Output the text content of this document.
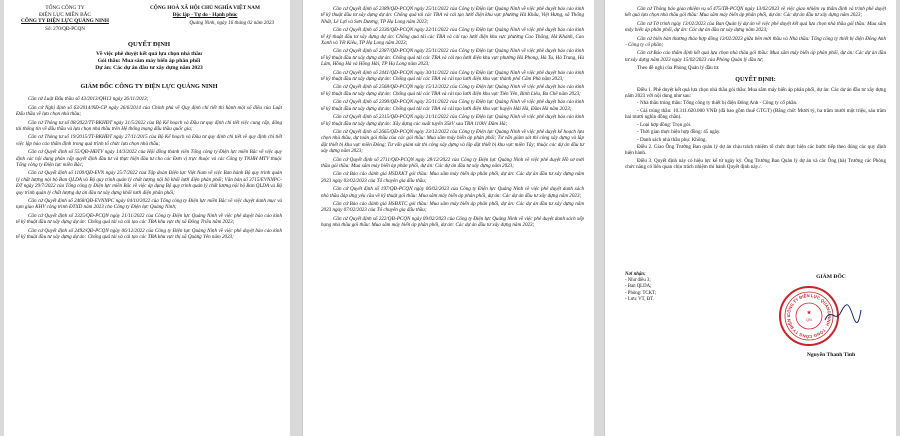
TỔNG CÔNG TY

ĐIỆN LỰC MIỀN BẮC

CÔNG TY ĐIỆN LỰC QUẢNG NINH

Số: 270/QĐ-PCQN

CỘNG HOÀ XÃ HỘI CHỦ NGHĨA VIỆT NAM

Độc lập - Tự do - Hạnh phúc

Quảng Ninh, ngày 16 tháng 02 năm 2023

QUYẾT ĐỊNH

Về việc phê duyệt kết quả lựa chọn nhà thầu

Gói thầu: Mua sắm máy biến áp phân phối

Dự án: Các dự án đầu tư xây dựng năm 2023

GIÁM ĐỐC CÔNG TY ĐIỆN LỰC QUẢNG NINH

Căn cứ Luật Đấu thầu số 43/2013/QH13 ngày 26/11/2013;

Căn cứ Nghị định số 63/2014/NĐ-CP ngày 26/6/2014 của Chính phủ về Quy định chi tiết thi hành một số điều của Luật Đấu thầu về lựa chọn nhà thầu;

Căn cứ Thông tư số 08/2022/TT-BKHĐT ngày 31/5/2022 của Bộ Kế hoạch và Đầu tư quy định chi tiết việc cung cấp, đăng tải thông tin về đấu thầu và lựa chọn nhà thầu trên Hệ thống mạng đấu thầu quốc gia;

Căn cứ Thông tư số 19/2015/TT-BKHĐT ngày 27/11/2015 của Bộ Kế hoạch và Đầu tư quy định chi tiết về quy định chi tiết việc lập báo cáo thẩm định trong quá trình tổ chức lựa chọn nhà thầu;

Căn cứ Quyết định số 55/QĐ-HĐTV ngày 14/3/2022 của Hội đồng thành viên Tổng công ty Điện lực miền Bắc về việc quy định các nội dung phân cấp quyết định đầu tư và thực hiện đầu tư cho các Đơn vị trực thuộc và các Công ty TNHH MTV thuộc Tổng công ty Điện lực miền Bắc;

Căn cứ Quyết định số 1100/QĐ-EVN ngày 25/7/2022 của Tập đoàn Điện lực Việt Nam về việc Ban hành Bộ quy trình quản lý chất lượng nội bộ Ban QLDA và Bộ quy trình quản lý chất lượng nội bộ khối lưới điện phân phối; Văn bản số 3715/EVNNPC-ĐT ngày 29/7/2022 của Tổng công ty Điện lực miền Bắc về việc áp dụng Bộ quy trình quản lý chất lượng nội bộ Ban QLDA và Bộ quy trình quản lý chất lượng dự án đầu tư xây dựng khối lưới điện phân phối;

Căn cứ Quyết định số 2468/QĐ-EVNNPC ngày 04/10/2022 của Tổng công ty Điện lực miền Bắc về việc duyệt danh mục và tạm giao KHV công trình ĐTXD năm 2023 cho Công ty Điện lực Quảng Ninh;

Căn cứ Quyết định số 2325/QĐ-PCQN ngày 21/11/2022 của Công ty Điện lực Quảng Ninh về việc phê duyệt báo cáo kinh tế kỹ thuật đầu tư xây dựng dự án: Chống quá tải và cải tạo các TBA khu vực thị xã Đông Triều năm 2023;

Căn cứ Quyết định số 2492/QĐ-PCQN ngày 06/12/2022 của Công ty Điện lực Quảng Ninh về việc phê duyệt báo cáo kinh tế kỹ thuật đầu tư xây dựng dự án: Chống quá tải và cải tạo các TBA khu vực thị xã Quảng Yên năm 2023;

Căn cứ Quyết định số 2389/QĐ-PCQN ngày 25/11/2022 của Công ty Điện lực Quảng Ninh về việc phê duyệt báo cáo kinh tế kỹ thuật đầu tư xây dựng dự án: Chống quá tải các TBA và cải tạo lưới điện khu vực phường Hà Khẩu, Việt Hưng, xã Thống Nhất, Lê Lợi và Sơn Dương, TP Hạ Long năm 2023;

Căn cứ Quyết định số 2336/QĐ-PCQN ngày 22/11/2022 của Công ty Điện lực Quảng Ninh về việc phê duyệt báo cáo kinh tế kỹ thuật đầu tư xây dựng dự án: Chống quá tải các TBA và cải tạo lưới điện khu vực phường Cao Thắng, Hà Khánh, Cao Xanh và Yết Kiêu, TP Hạ Long năm 2023;

Căn cứ Quyết định số 2387/QĐ-PCQN ngày 25/11/2022 của Công ty Điện lực Quảng Ninh về việc phê duyệt báo cáo kinh tế kỹ thuật đầu tư xây dựng dự án: Chống quá tải các TBA và cải tạo lưới điện khu vực phường Hà Phong, Hà Tu, Hà Trung, Hà Lâm, Hồng Hà và Hồng Hải, TP Hạ Long năm 2023;

Căn cứ Quyết định số 2441/QĐ-PCQN ngày 30/11/2022 của Công ty Điện lực Quảng Ninh về việc phê duyệt báo cáo kinh tế kỹ thuật đầu tư xây dựng dự án: Chống quá tải các TBA và cải tạo lưới điện khu vực thành phố Cẩm Phả năm 2023;

Căn cứ Quyết định số 2568/QĐ-PCQN ngày 15/12/2022 của Công ty Điện lực Quảng Ninh về việc phê duyệt báo cáo kinh tế kỹ thuật đầu tư xây dựng dự án: Chống quá tải các TBA và cải tạo lưới điện khu vực Tiên Yên, Bình Liêu, Ba Chẽ năm 2023;

Căn cứ Quyết định số 2390/QĐ-PCQN ngày 25/11/2022 của Công ty Điện lực Quảng Ninh về việc phê duyệt báo cáo kinh tế kỹ thuật đầu tư xây dựng dự án: Chống quá tải các TBA và cải tạo lưới điện khu vực huyện Hải Hà, Đầm Hà năm 2023;

Căn cứ Quyết định số 2315/QĐ-PCQN ngày 21/11/2022 của Công ty Điện lực Quảng Ninh về việc phê duyệt báo cáo kinh tế kỹ thuật đầu tư xây dựng dự án: Xây dựng các xuất tuyến 35kV sau TBA 110kV Đầm Hà;

Căn cứ Quyết định số 2665/QĐ-PCQN ngày 23/12/2022 của Công ty Điện lực Quảng Ninh về việc phê duyệt kế hoạch lựa chọn nhà thầu, dự toán gói thầu của các gói thầu: Mua sắm máy biến áp phân phối; Tư vấn giám sát thi công xây dựng và lắp đặt thiết bị khu vực miền Đông; Tư vấn giám sát thi công xây dựng và lắp đặt thiết bị khu vực miền Tây; thuộc các dự án đầu tư xây dựng năm 2023;

Căn cứ Quyết định số 2711/QĐ-PCQN ngày 28/12/2022 của Công ty Điện lực Quảng Ninh về việc phê duyệt Hồ sơ mời thầu gói thầu: Mua sắm máy biến áp phân phối, dự án: Các dự án đầu tư xây dựng năm 2023;

Căn cứ Báo cáo đánh giá HSDXKT gói thầu: Mua sắm máy biến áp phân phối, dự án: Các dự án đầu tư xây dựng năm 2023 ngày 03/02/2023 của Tổ chuyên gia đấu thầu;

Căn cứ Quyết định số 197/QĐ-PCQN ngày 06/02/2023 của Công ty Điện lực Quảng Ninh về việc phê duyệt danh sách nhà thầu đáp ứng yêu cầu về kỹ thuật gói thầu: Mua sắm máy biến áp phân phối, dự án: Các dự án đầu tư xây dựng năm 2023;

Căn cứ Báo cáo đánh giá HSĐXTC gói thầu: Mua sắm máy biến áp phân phối, dự án: Các dự án đầu tư xây dựng năm 2023 ngày 07/02/2023 của Tổ chuyên gia đấu thầu;

Căn cứ Quyết định số 222/QĐ-PCQN ngày 09/02/2023 của Công ty Điện lực Quảng Ninh về việc phê duyệt danh sách xếp hạng nhà thầu gói thầu: Mua sắm máy biến áp phân phối, dự án: Các dự án đầu tư xây dựng năm 2023;

Căn cứ Thông báo giao nhiệm vụ số 475/TB-PCQN ngày 13/02/2023 về việc giao nhiệm vụ thẩm định và trình phê duyệt kết quả lựa chọn nhà thầu gói thầu: Mua sắm máy biến áp phân phối, dự án: Các dự án đầu tư xây dựng năm 2023;

Căn cứ Tờ trình ngày 13/02/2023 của Ban Quản lý dự án về việc phê duyệt kết quả lựa chọn nhà thầu gói thầu: Mua sắm máy biến áp phân phối, dự án: Các dự án đầu tư xây dựng năm 2023;

Căn cứ biên bản thương thảo hợp đồng 13/02/2023 giữa bên mời thầu và Nhà thầu: Tổng công ty thiết bị điện Đông Anh - Công ty cổ phần;

Căn cứ Báo cáo thẩm định kết quả lựa chọn nhà thầu gói thầu: Mua sắm máy biến áp phân phối, dự án: Các dự án đầu tư xây dựng năm 2023 ngày 15/02/2023 của Phòng Quản lý đầu tư;

Theo đề nghị của Phòng Quản lý đầu tư.

QUYẾT ĐỊNH:

Điều 1. Phê duyệt kết quả lựa chọn nhà thầu gói thầu: Mua sắm máy biến áp phân phối, dự án: Các dự án đầu tư xây dựng năm 2023 với nội dung như sau:

- Nhà thầu trúng thầu: Tổng công ty thiết bị điện Đông Anh - Công ty cổ phần.

- Giá trúng thầu: 10.311.620.000 VNĐ (đã bao gồm thuế GTGT) (Bằng chữ: Mười tỷ, ba trăm mười một triệu, sáu trăm hai mươi nghìn đồng chẵn).

- Loại hợp đồng: Trọn gói.

- Thời gian thực hiện hợp đồng: 45 ngày.

- Danh sách nhà thầu phụ: Không.

Điều 2. Giao Ông Trưởng Ban quản lý dự án chịu trách nhiệm tổ chức thực hiện các bước tiếp theo đúng các quy định hiện hành.

Điều 3. Quyết định này có hiệu lực kể từ ngày ký. Ông Trưởng Ban Quản lý dự án và các Ông (bà) Trưởng các Phòng chức năng có liên quan chịu trách nhiệm thi hành Quyết định này./.

Nơi nhận:

- Như điều 3;

- Ban QLDA;

- Phòng: TCKT;

- Lưu: VT, ĐT.

GIÁM ĐỐC

CÔNG TY ĐIỆN LỰC QUẢNG NINH · TỔNG CÔNG TY ĐIỆN L
★
QN

Nguyễn Thanh Tình
